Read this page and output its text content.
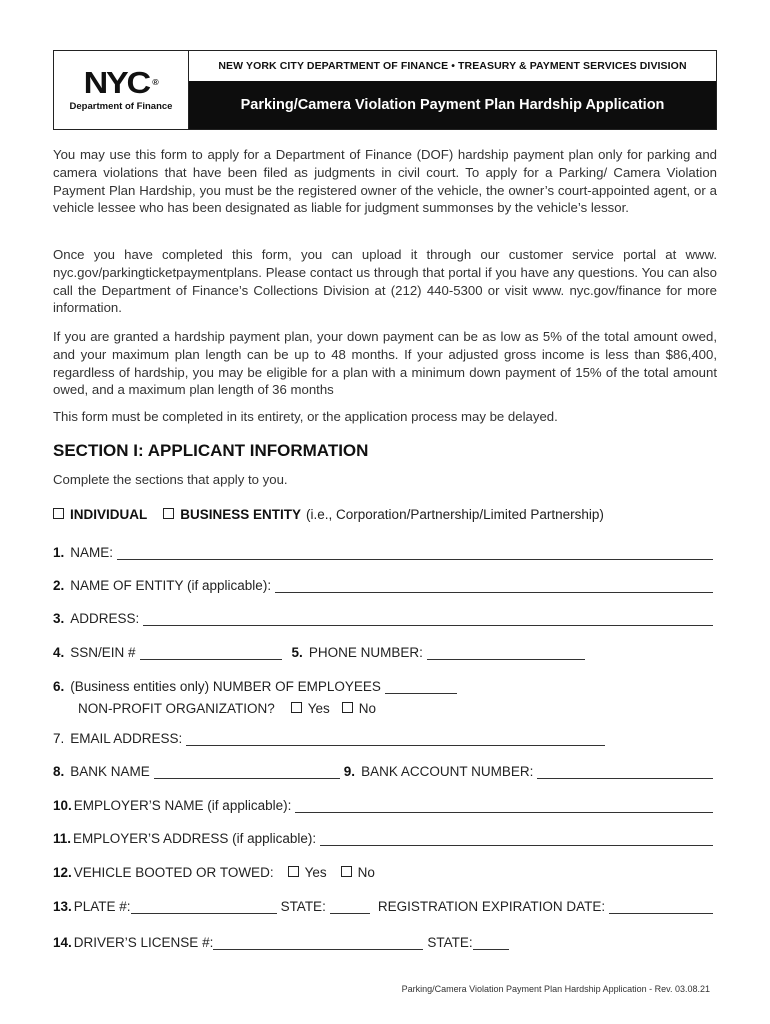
NYC ®
Department of Finance
NEW YORK CITY DEPARTMENT OF FINANCE • TREASURY & PAYMENT SERVICES DIVISION
Parking/Camera Violation Payment Plan Hardship Application

You may use this form to apply for a Department of Finance (DOF) hardship payment plan only for parking and camera violations that have been filed as judgments in civil court. To apply for a Parking/ Camera Violation Payment Plan Hardship, you must be the registered owner of the vehicle, the owner’s court-appointed agent, or a vehicle lessee who has been designated as liable for judgment summonses by the vehicle’s lessor.

Once you have completed this form, you can upload it through our customer service portal at www. nyc.gov/parkingticketpaymentplans. Please contact us through that portal if you have any questions. You can also call the Department of Finance’s Collections Division at (212) 440-5300 or visit www. nyc.gov/finance for more information.

If you are granted a hardship payment plan, your down payment can be as low as 5% of the total amount owed, and your maximum plan length can be up to 48 months. If your adjusted gross income is less than $86,400, regardless of hardship, you may be eligible for a plan with a minimum down payment of 15% of the total amount owed, and a maximum plan length of 36 months

This form must be completed in its entirety, or the application process may be delayed.

SECTION I: APPLICANT INFORMATION
Complete the sections that apply to you.
INDIVIDUAL BUSINESS ENTITY (i.e., Corporation/Partnership/Limited Partnership)
1. NAME:
2. NAME OF ENTITY (if applicable):
3. ADDRESS:
4. SSN/EIN #	5. PHONE NUMBER:
6. (Business entities only) NUMBER OF EMPLOYEES
NON-PROFIT ORGANIZATION? Yes No
7. EMAIL ADDRESS:
8. BANK NAME	9. BANK ACCOUNT NUMBER:
10. EMPLOYER’S NAME (if applicable):
11. EMPLOYER’S ADDRESS (if applicable):
12. VEHICLE BOOTED OR TOWED: Yes No
13. PLATE #:	STATE:	REGISTRATION EXPIRATION DATE:
14. DRIVER’S LICENSE #:	STATE:
Parking/Camera Violation Payment Plan Hardship Application - Rev. 03.08.21
